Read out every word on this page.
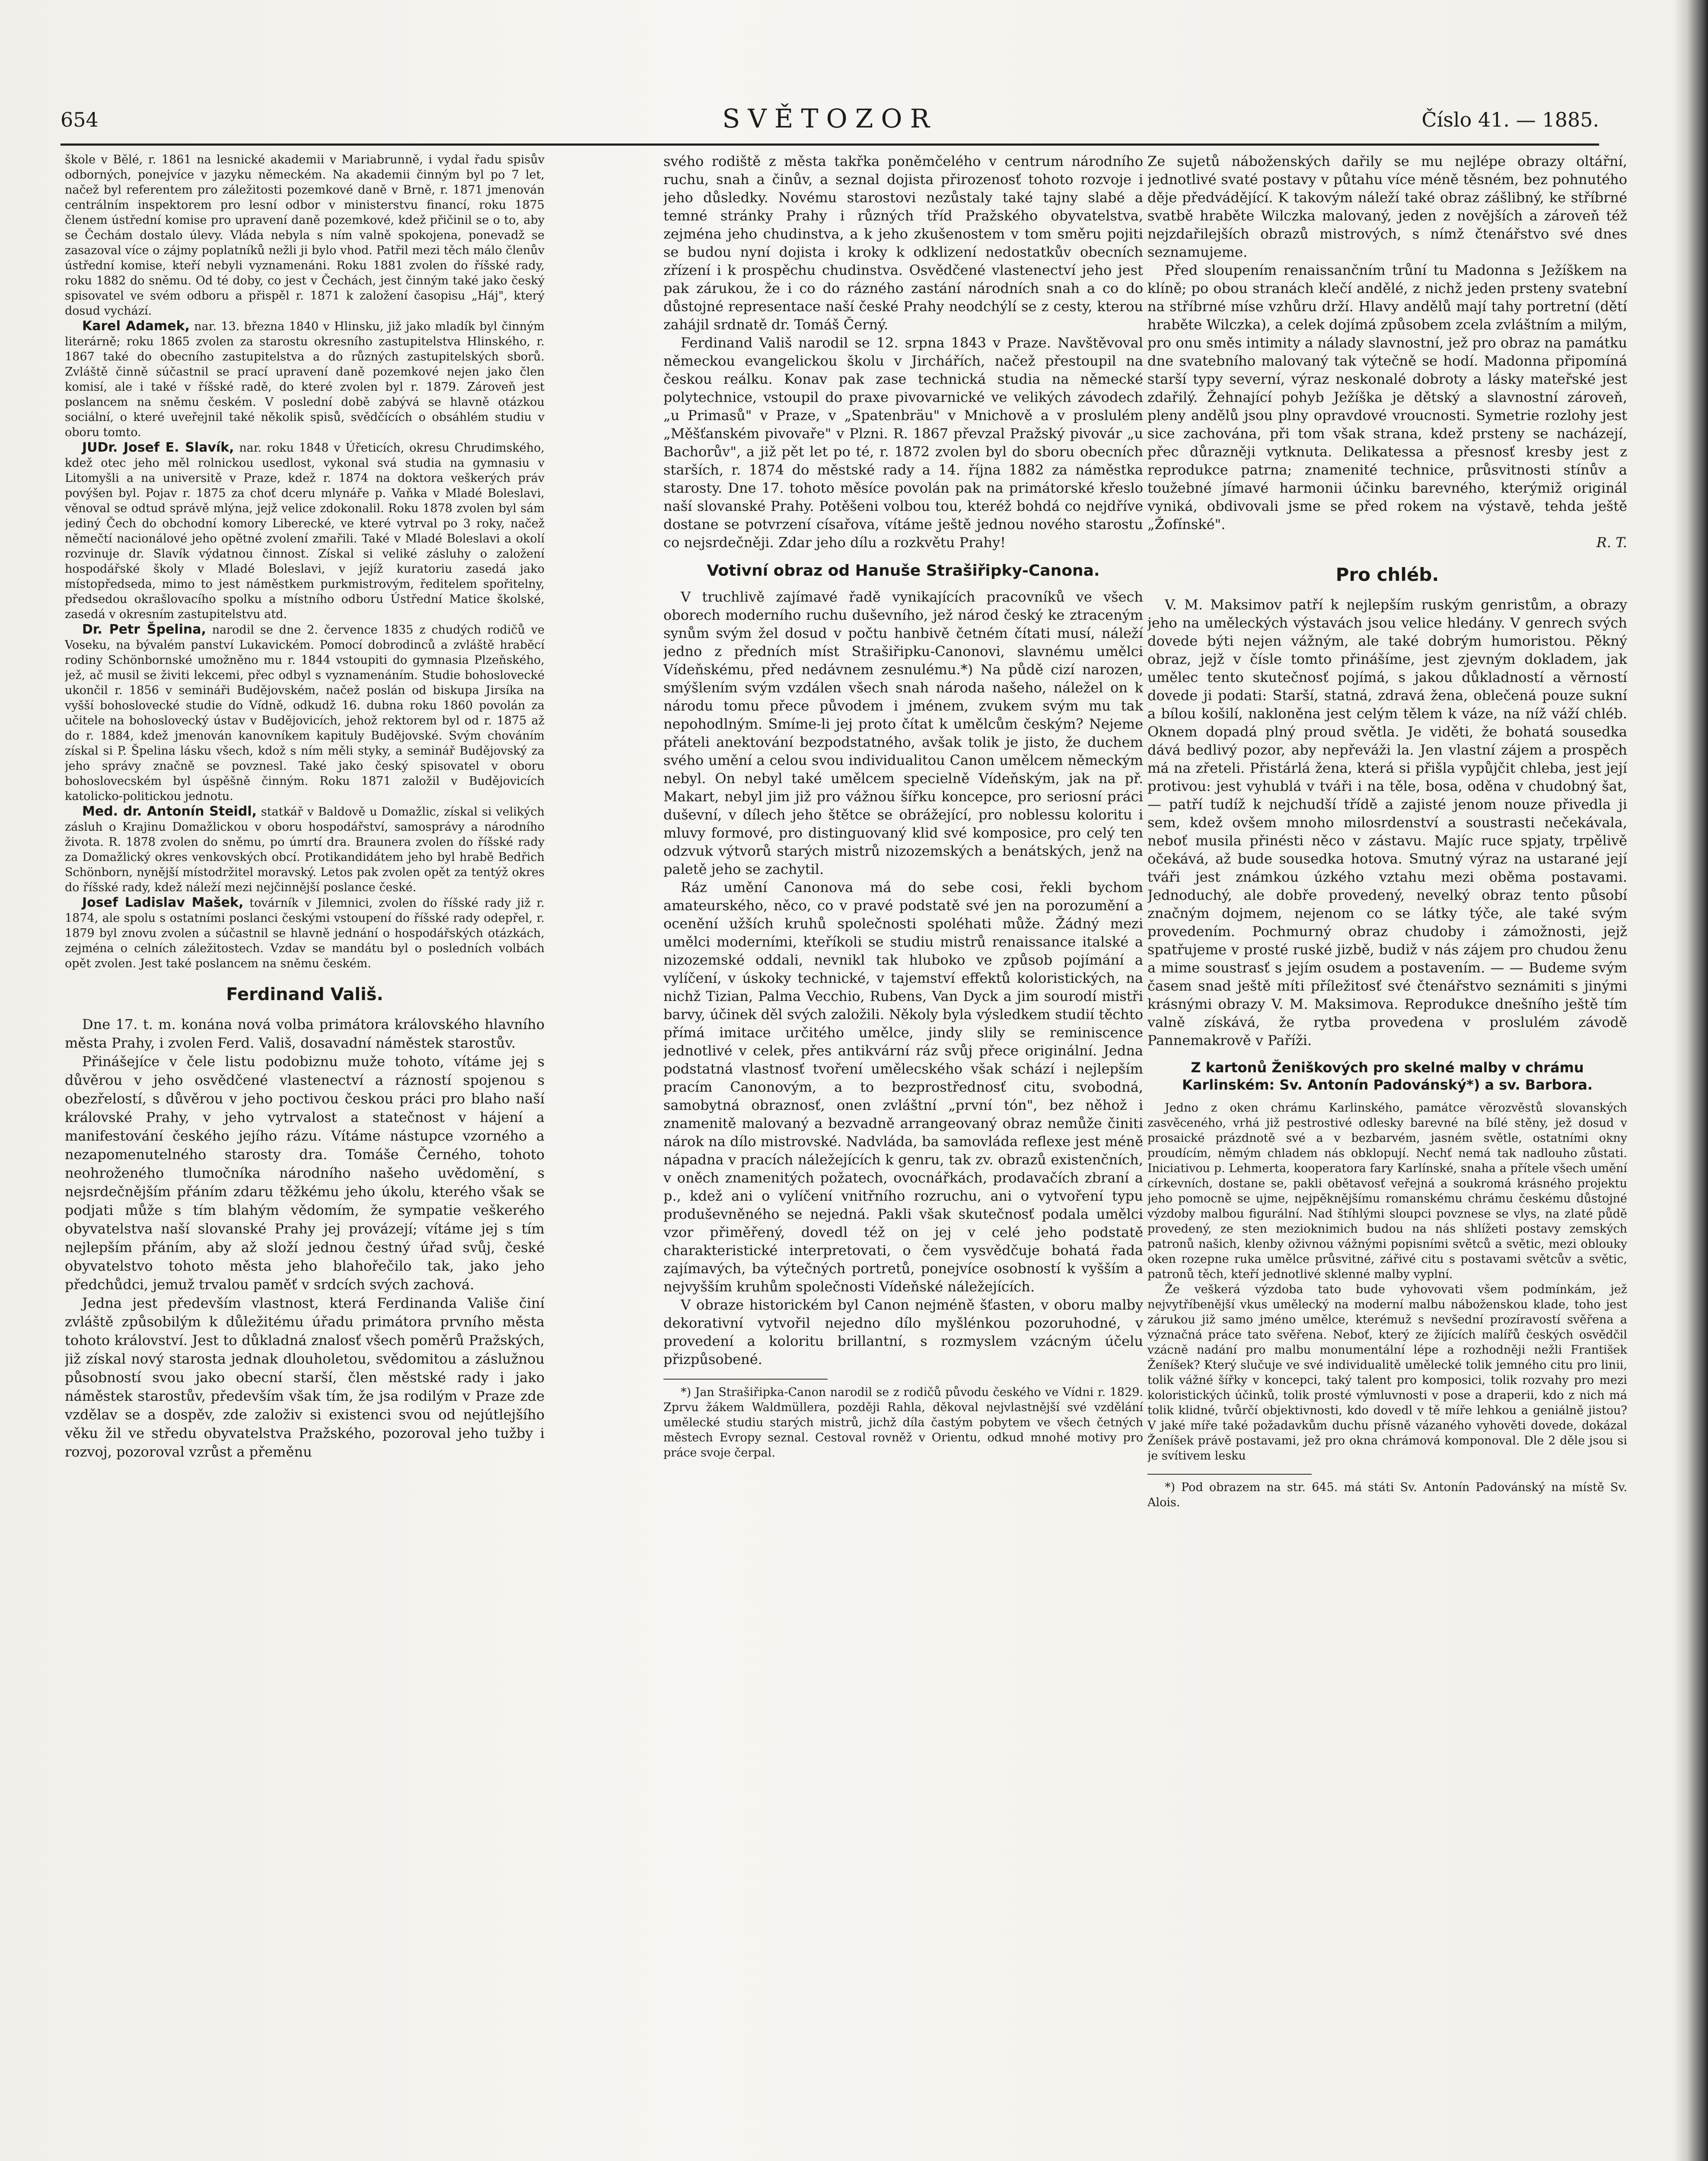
654	SVĚTOZOR	Číslo 41. — 1885.

škole v Bělé, r. 1861 na lesnické akademii v Mariabrunně, i vydal řadu spisův odborných, ponejvíce v jazyku německém. Na akademii činným byl po 7 let, načež byl referentem pro záležitosti pozemkové daně v Brně, r. 1871 jmenován centrálním inspektorem pro lesní odbor v ministerstvu financí, roku 1875 členem ústřední komise pro upravení daně pozemkové, kdež přičinil se o to, aby se Čechám dostalo úlevy. Vláda nebyla s ním valně spokojena, ponevadž se zasazoval více o zájmy poplatníků nežli ji bylo vhod. Patřil mezi těch málo členův ústřední komise, kteří nebyli vyznamenáni. Roku 1881 zvolen do říšské rady, roku 1882 do sněmu. Od té doby, co jest v Čechách, jest činným také jako český spisovatel ve svém odboru a přispěl r. 1871 k založení časopisu „Háj", který dosud vychází.

Karel Adamek, nar. 13. března 1840 v Hlinsku, již jako mladík byl činným literárně; roku 1865 zvolen za starostu okresního zastupitelstva Hlinského, r. 1867 také do obecního zastupitelstva a do různých zastupitelských sborů. Zvláště činně súčastnil se prací upravení daně pozemkové nejen jako člen komisí, ale i také v říšské radě, do které zvolen byl r. 1879. Zároveň jest poslancem na sněmu českém. V poslední době zabývá se hlavně otázkou sociální, o které uveřejnil také několik spisů, svědčících o obsáhlém studiu v oboru tomto.

JUDr. Josef E. Slavík, nar. roku 1848 v Úřeticích, okresu Chrudimského, kdež otec jeho měl rolnickou usedlost, vykonal svá studia na gymnasiu v Litomyšli a na universitě v Praze, kdež r. 1874 na doktora veškerých práv povýšen byl. Pojav r. 1875 za choť dceru mlynáře p. Vaňka v Mladé Boleslavi, věnoval se odtud správě mlýna, jejž velice zdokonalil. Roku 1878 zvolen byl sám jediný Čech do obchodní komory Liberecké, ve které vytrval po 3 roky, načež němečtí nacionálové jeho opětné zvolení zmařili. Také v Mladé Boleslavi a okolí rozvinuje dr. Slavík výdatnou činnost. Získal si veliké zásluhy o založení hospodářské školy v Mladé Boleslavi, v jejíž kuratoriu zasedá jako místopředseda, mimo to jest náměstkem purkmistrovým, ředitelem spořitelny, předsedou okrašlovacího spolku a místního odboru Ústřední Matice školské, zasedá v okresním zastupitelstvu atd.

Dr. Petr Špelina, narodil se dne 2. července 1835 z chudých rodičů ve Voseku, na bývalém panství Lukavickém. Pomocí dobrodinců a zvláště hraběcí rodiny Schönbornské umožněno mu r. 1844 vstoupiti do gymnasia Plzeňského, jež, ač musil se živiti lekcemi, přec odbyl s vyznamenáním. Studie bohoslovecké ukončil r. 1856 v semináři Budějovském, načež poslán od biskupa Jirsíka na vyšší bohoslovecké studie do Vídně, odkudž 16. dubna roku 1860 povolán za učitele na bohoslovecký ústav v Budějovicích, jehož rektorem byl od r. 1875 až do r. 1884, kdež jmenován kanovníkem kapituly Budějovské. Svým chováním získal si P. Špelina lásku všech, kdož s ním měli styky, a seminář Budějovský za jeho správy značně se povznesl. Také jako český spisovatel v oboru bohoslovecském byl úspěšně činným. Roku 1871 založil v Budějovicích katolicko-politickou jednotu.

Med. dr. Antonín Steidl, statkář v Baldově u Domažlic, získal si velikých zásluh o Krajinu Domažlickou v oboru hospodářství, samosprávy a národního života. R. 1878 zvolen do sněmu, po úmrtí dra. Braunera zvolen do říšské rady za Domažlický okres venkovských obcí. Protikandidátem jeho byl hrabě Bedřich Schönborn, nynější místodržitel moravský. Letos pak zvolen opět za tentýž okres do říšské rady, kdež náleží mezi nejčinnější poslance české.

Josef Ladislav Mašek, továrník v Jilemnici, zvolen do říšské rady již r. 1874, ale spolu s ostatními poslanci českými vstoupení do říšské rady odepřel, r. 1879 byl znovu zvolen a súčastnil se hlavně jednání o hospodářských otázkách, zejména o celních záležitostech. Vzdav se mandátu byl o posledních volbách opět zvolen. Jest také poslancem na sněmu českém.

Ferdinand Vališ.

Dne 17. t. m. konána nová volba primátora královského hlavního města Prahy, i zvolen Ferd. Vališ, dosavadní náměstek starostův.

Přinášejíce v čele listu podobiznu muže tohoto, vítáme jej s důvěrou v jeho osvědčené vlastenectví a rázností spojenou s obezřelostí, s důvěrou v jeho poctivou českou práci pro blaho naší královské Prahy, v jeho vytrvalost a statečnost v hájení a manifestování českého jejího rázu. Vítáme nástupce vzorného a nezapomenutelného starosty dra. Tomáše Černého, tohoto neohroženého tlumočníka národního našeho uvědomění, s nejsrdečnějším přáním zdaru těžkému jeho úkolu, kterého však se podjati může s tím blahým vědomím, že sympatie veškerého obyvatelstva naší slovanské Prahy jej provázejí; vítáme jej s tím nejlepším přáním, aby až složí jednou čestný úřad svůj, české obyvatelstvo tohoto města jeho blahořečilo tak, jako jeho předchůdci, jemuž trvalou paměť v srdcích svých zachová.

Jedna jest především vlastnost, která Ferdinanda Vališe činí zvláště způsobilým k důležitému úřadu primátora prvního města tohoto království. Jest to důkladná znalosť všech poměrů Pražských, již získal nový starosta jednak dlouholetou, svědomitou a záslužnou působností svou jako obecní starší, člen městské rady i jako náměstek starostův, především však tím, že jsa rodilým v Praze zde vzdělav se a dospěv, zde založiv si existenci svou od nejútlejšího věku žil ve středu obyvatelstva Pražského, pozoroval jeho tužby i rozvoj, pozoroval vzrůst a přeměnu

svého rodiště z města takřka poněmčelého v centrum národního ruchu, snah a činův, a seznal dojista přirozenosť tohoto rozvoje i jeho důsledky. Novému starostovi nezůstaly také tajny slabé a temné stránky Prahy i různých tříd Pražského obyvatelstva, zejména jeho chudinstva, a k jeho zkušenostem v tom směru pojiti se budou nyní dojista i kroky k odklizení nedostatkův obecních zřízení i k prospěchu chudinstva. Osvědčené vlastenectví jeho jest pak zárukou, že i co do rázného zastání národních snah a co do důstojné representace naší české Prahy neodchýlí se z cesty, kterou zahájil srdnatě dr. Tomáš Černý.

Ferdinand Vališ narodil se 12. srpna 1843 v Praze. Navštěvoval německou evangelickou školu v Jirchářích, načež přestoupil na českou reálku. Konav pak zase technická studia na německé polytechnice, vstoupil do praxe pivovarnické ve velikých závodech „u Primasů" v Praze, v „Spatenbräu" v Mnichově a v proslulém „Měšťanském pivovaře" v Plzni. R. 1867 převzal Pražský pivovár „u Bachorův", a již pět let po té, r. 1872 zvolen byl do sboru obecních starších, r. 1874 do městské rady a 14. října 1882 za náměstka starosty. Dne 17. tohoto měsíce povolán pak na primátorské křeslo naší slovanské Prahy. Potěšeni volbou tou, kteréž bohdá co nejdříve dostane se potvrzení císařova, vítáme ještě jednou nového starostu co nejsrdečněji. Zdar jeho dílu a rozkvětu Prahy!

Votivní obraz od Hanuše Strašiřipky-Canona.

V truchlivě zajímavé řadě vynikajících pracovníků ve všech oborech moderního ruchu duševního, jež národ český ke ztraceným synům svým žel dosud v počtu hanbivě četném čítati musí, náleží jedno z předních míst Strašiřipku-Canonovi, slavnému umělci Vídeňskému, před nedávnem zesnulému.*) Na půdě cizí narozen, smýšlením svým vzdálen všech snah národa našeho, náležel on k národu tomu přece původem i jménem, zvukem svým mu tak nepohodlným. Smíme-li jej proto čítat k umělcům českým? Nejeme přáteli anektování bezpodstatného, avšak tolik je jisto, že duchem svého umění a celou svou individualitou Canon umělcem německým nebyl. On nebyl také umělcem specielně Vídeňským, jak na př. Makart, nebyl jim již pro vážnou šířku koncepce, pro seriosní práci duševní, v dílech jeho štětce se obrážející, pro noblessu koloritu i mluvy formové, pro distinguovaný klid své komposice, pro celý ten odzvuk výtvorů starých mistrů nizozemských a benátských, jenž na paletě jeho se zachytil.

Ráz umění Canonova má do sebe cosi, řekli bychom amateurského, něco, co v pravé podstatě své jen na porozumění a ocenění užších kruhů společnosti spoléhati může. Žádný mezi umělci moderními, kteříkoli se studiu mistrů renaissance italské a nizozemské oddali, nevnikl tak hluboko ve způsob pojímání a vylíčení, v úskoky technické, v tajemství effektů koloristických, na nichž Tizian, Palma Vecchio, Rubens, Van Dyck a jim sourodí mistři barvy, účinek děl svých založili. Několy byla výsledkem studií těchto přímá imitace určitého umělce, jindy slily se reminiscence jednotlivé v celek, přes antikvární ráz svůj přece originální. Jedna podstatná vlastnosť tvoření umělecského však schází i nejlepším pracím Canonovým, a to bezprostřednosť citu, svobodná, samobytná obraznosť, onen zvláštní „první tón", bez něhož i znamenitě malovaný a bezvadně arrangeovaný obraz nemůže činiti nárok na dílo mistrovské. Nadvláda, ba samovláda reflexe jest méně nápadna v pracích náležejících k genru, tak zv. obrazů existenčních, v oněch znamenitých požatech, ovocnářkách, prodavačích zbraní a p., kdež ani o vylíčení vnitřního rozruchu, ani o vytvoření typu produševněného se nejedná. Pakli však skutečnosť podala umělci vzor přiměřený, dovedl též on jej v celé jeho podstatě charakteristické interpretovati, o čem vysvědčuje bohatá řada zajímavých, ba výtečných portretů, ponejvíce osobností k vyšším a nejvyšším kruhům společnosti Vídeňské náležejících.

V obraze historickém byl Canon nejméně šťasten, v oboru malby dekorativní vytvořil nejedno dílo myšlénkou pozoruhodné, v provedení a koloritu brillantní, s rozmyslem vzácným účelu přizpůsobené.

*) Jan Strašiřipka-Canon narodil se z rodičů původu českého ve Vídni r. 1829. Zprvu žákem Waldmüllera, později Rahla, děkoval nejvlastnější své vzdělání umělecké studiu starých mistrů, jichž díla častým pobytem ve všech četných městech Evropy seznal. Cestoval rovněž v Orientu, odkud mnohé motivy pro práce svoje čerpal.

Ze sujetů náboženských dařily se mu nejlépe obrazy oltářní, jednotlivé svaté postavy v půtahu více méně těsném, bez pohnutého děje předvádějící. K takovým náleží také obraz zášlibný, ke stříbrné svatbě hraběte Wilczka malovaný, jeden z novějších a zároveň též nejzdařilejších obrazů mistrových, s nímž čtenářstvo své dnes seznamujeme.

Před sloupením renaissančním trůní tu Madonna s Ježíškem na klíně; po obou stranách klečí andělé, z nichž jeden prsteny svatební na stříbrné míse vzhůru drží. Hlavy andělů mají tahy portretní (dětí hraběte Wilczka), a celek dojímá způsobem zcela zvláštním a milým, pro onu směs intimity a nálady slavnostní, jež pro obraz na památku dne svatebního malovaný tak výtečně se hodí. Madonna připomíná starší typy severní, výraz neskonalé dobroty a lásky mateřské jest zdařilý. Žehnající pohyb Ježíška je dětský a slavnostní zároveň, pleny andělů jsou plny opravdové vroucnosti. Symetrie rozlohy jest sice zachována, při tom však strana, kdež prsteny se nacházejí, přec důrazněji vytknuta. Delikatessa a přesnosť kresby jest z reprodukce patrna; znamenité technice, průsvitnosti stínův a toužebné jímavé harmonii účinku barevného, kterýmiž originál vyniká, obdivovali jsme se před rokem na výstavě, tehda ještě „Žofínské".

R. T.

Pro chléb.

V. M. Maksimov patří k nejlepším ruským genristům, a obrazy jeho na uměleckých výstavách jsou velice hledány. V genrech svých dovede býti nejen vážným, ale také dobrým humoristou. Pěkný obraz, jejž v čísle tomto přinášíme, jest zjevným dokladem, jak umělec tento skutečnosť pojímá, s jakou důkladností a věrností dovede ji podati: Starší, statná, zdravá žena, oblečená pouze sukní a bílou košilí, nakloněna jest celým tělem k váze, na níž váží chléb. Oknem dopadá plný proud světla. Je viděti, že bohatá sousedka dává bedlivý pozor, aby nepřeváži la. Jen vlastní zájem a prospěch má na zřeteli. Přistárlá žena, která si přišla vypůjčit chleba, jest její protivou: jest vyhublá v tváři i na těle, bosa, oděna v chudobný šat, — patří tudíž k nejchudší třídě a zajisté jenom nouze přivedla ji sem, kdež ovšem mnoho milosrdenství a soustrasti nečekávala, neboť musila přinésti něco v zástavu. Majíc ruce spjaty, trpělivě očekává, až bude sousedka hotova. Smutný výraz na ustarané její tváři jest známkou úzkého vztahu mezi oběma postavami. Jednoduchý, ale dobře provedený, nevelký obraz tento působí značným dojmem, nejenom co se látky týče, ale také svým provedením. Pochmurný obraz chudoby i zámožnosti, jejž spatřujeme v prosté ruské jizbě, budiž v nás zájem pro chudou ženu a mime soustrasť s jejím osudem a postavením. — — Budeme svým časem snad ještě míti příležitosť své čtenářstvo seznámiti s jinými krásnými obrazy V. M. Maksimova. Reprodukce dnešního ještě tím valně získává, že rytba provedena v proslulém závodě Pannemakrově v Paříži.

Z kartonů Ženiškových pro skelné malby v chrámu Karlinském: Sv. Antonín Padovánský*) a sv. Barbora.

Jedno z oken chrámu Karlinského, památce věrozvěstů slovanských zasvěceného, vrhá již pestrostivé odlesky barevné na bílé stěny, jež dosud v prosaické prázdnotě své a v bezbarvém, jasném světle, ostatními okny proudícím, němým chladem nás obklopují. Nechť nemá tak nadlouho zůstati. Iniciativou p. Lehmerta, kooperatora fary Karlínské, snaha a přítele všech umění církevních, dostane se, pakli obětavosť veřejná a soukromá krásného projektu jeho pomocně se ujme, nejpěknějšímu romanskému chrámu českému důstojné výzdoby malbou figurální. Nad štíhlými sloupci povznese se vlys, na zlaté půdě provedený, ze sten mezioknimich budou na nás shlížeti postavy zemských patronů našich, klenby oživnou vážnými popisními světců a světic, mezi oblouky oken rozepne ruka umělce průsvitné, zářivé citu s postavami světcův a světic, patronů těch, kteří jednotlivé sklenné malby vyplní.

Že veškerá výzdoba tato bude vyhovovati všem podmínkám, jež nejvytříbenější vkus umělecký na moderní malbu náboženskou klade, toho jest zárukou již samo jméno umělce, kterémuž s nevšední prozíravostí svěřena a význačná práce tato svěřena. Neboť, který ze žijících malířů českých osvědčil vzácně nadání pro malbu monumentální lépe a rozhodněji nežli František Ženíšek? Který slučuje ve své individualitě umělecké tolik jemného citu pro linii, tolik vážné šířky v koncepci, taký talent pro komposici, tolik rozvahy pro mezi koloristických účinků, tolik prosté výmluvnosti v pose a draperii, kdo z nich má tolik klidné, tvůrčí objektivnosti, kdo dovedl v tě míře lehkou a geniálně jistou? V jaké míře také požadavkům duchu přísně vázaného vyhověti dovede, dokázal Ženíšek právě postavami, jež pro okna chrámová komponoval. Dle 2 děle jsou si je svítivem lesku

*) Pod obrazem na str. 645. má státi Sv. Antonín Padovánský na místě Sv. Alois.
